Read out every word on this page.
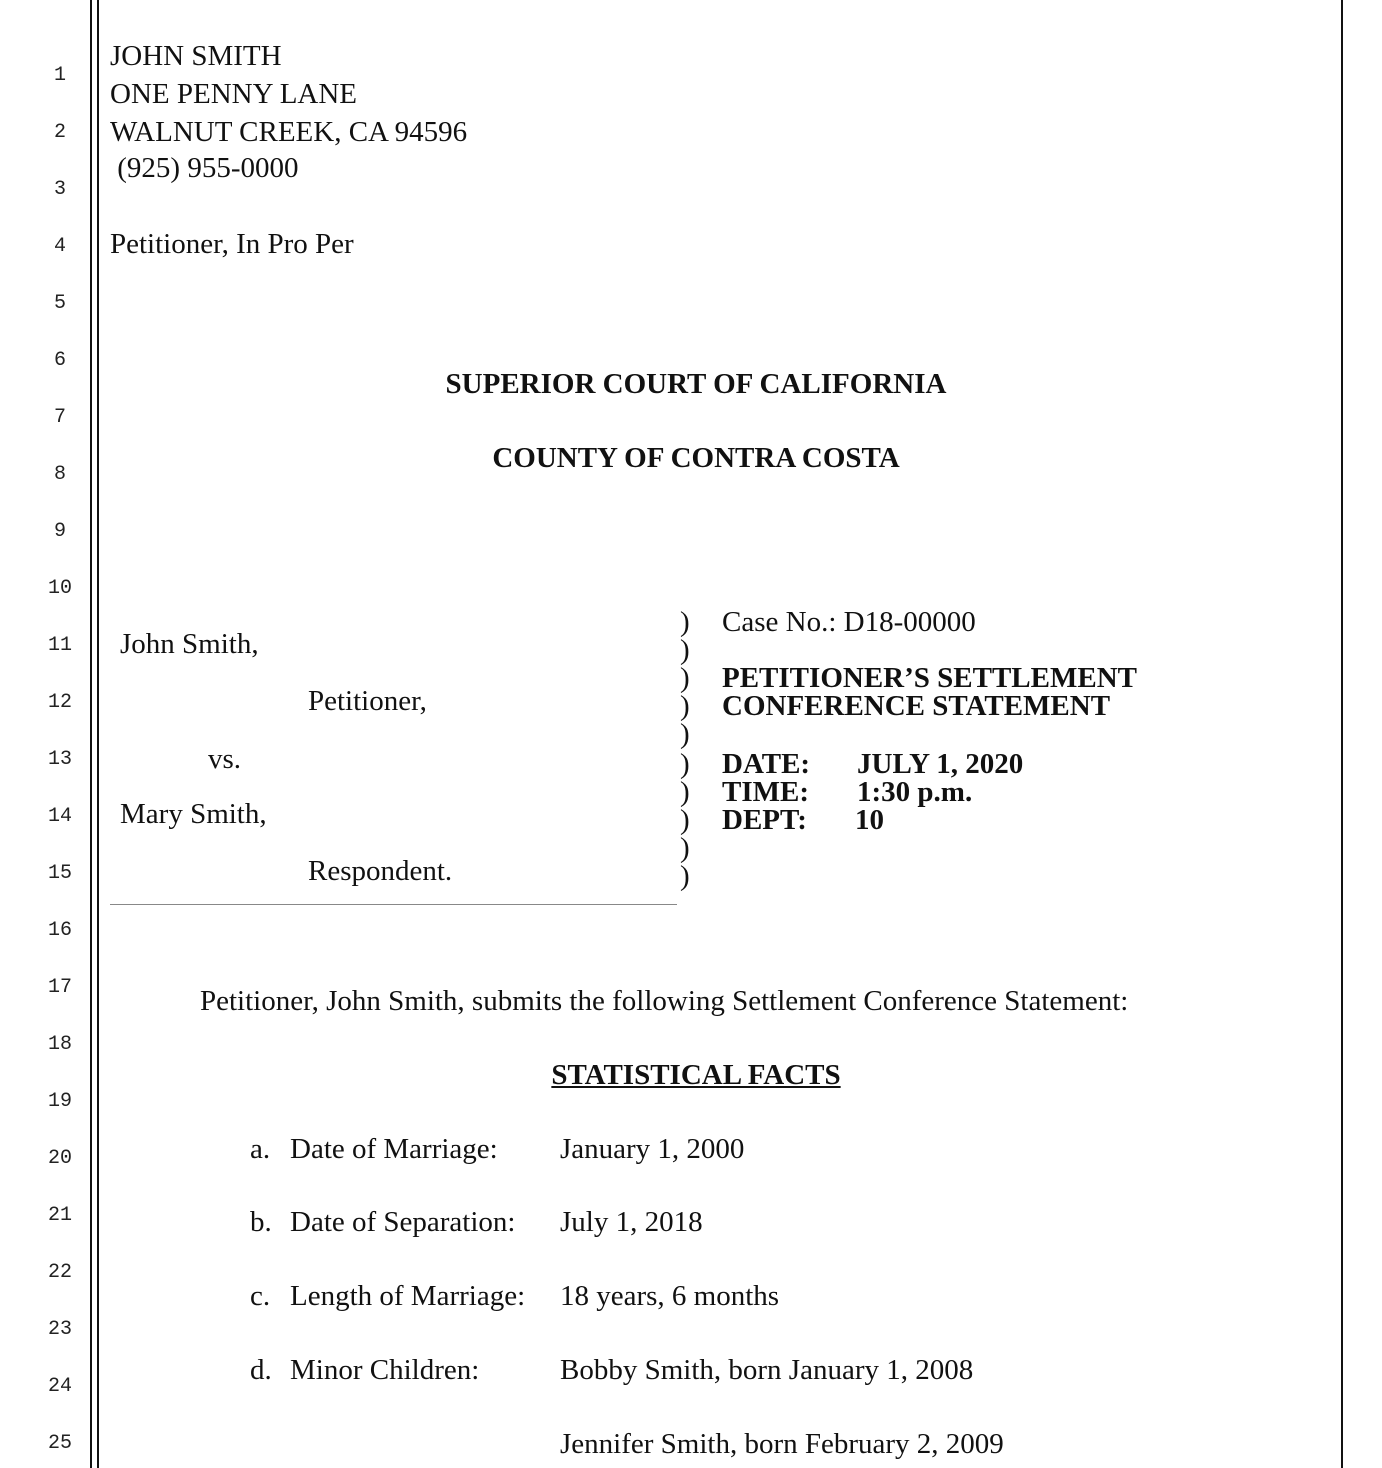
1
2
3
4
5
6
7
8
9
10
11
12
13
14
15
16
17
18
19
20
21
22
23
24
25
JOHN SMITH
ONE PENNY LANE
WALNUT CREEK, CA 94596
(925) 955-0000
Petitioner, In Pro Per
SUPERIOR COURT OF CALIFORNIA
COUNTY OF CONTRA COSTA
John Smith,
Petitioner,
vs.
Mary Smith,
Respondent.
)
)
)
)
)
)
)
)
)
)
Case No.: D18-00000
PETITIONER’S SETTLEMENT
CONFERENCE STATEMENT
DATE: JULY 1, 2020
TIME: 1:30 p.m.
DEPT: 10
Petitioner, John Smith, submits the following Settlement Conference Statement:
STATISTICAL FACTS
a. Date of Marriage: January 1, 2000
b. Date of Separation: July 1, 2018
c. Length of Marriage: 18 years, 6 months
d. Minor Children:	Bobby Smith, born January 1, 2008
Jennifer Smith, born February 2, 2009
